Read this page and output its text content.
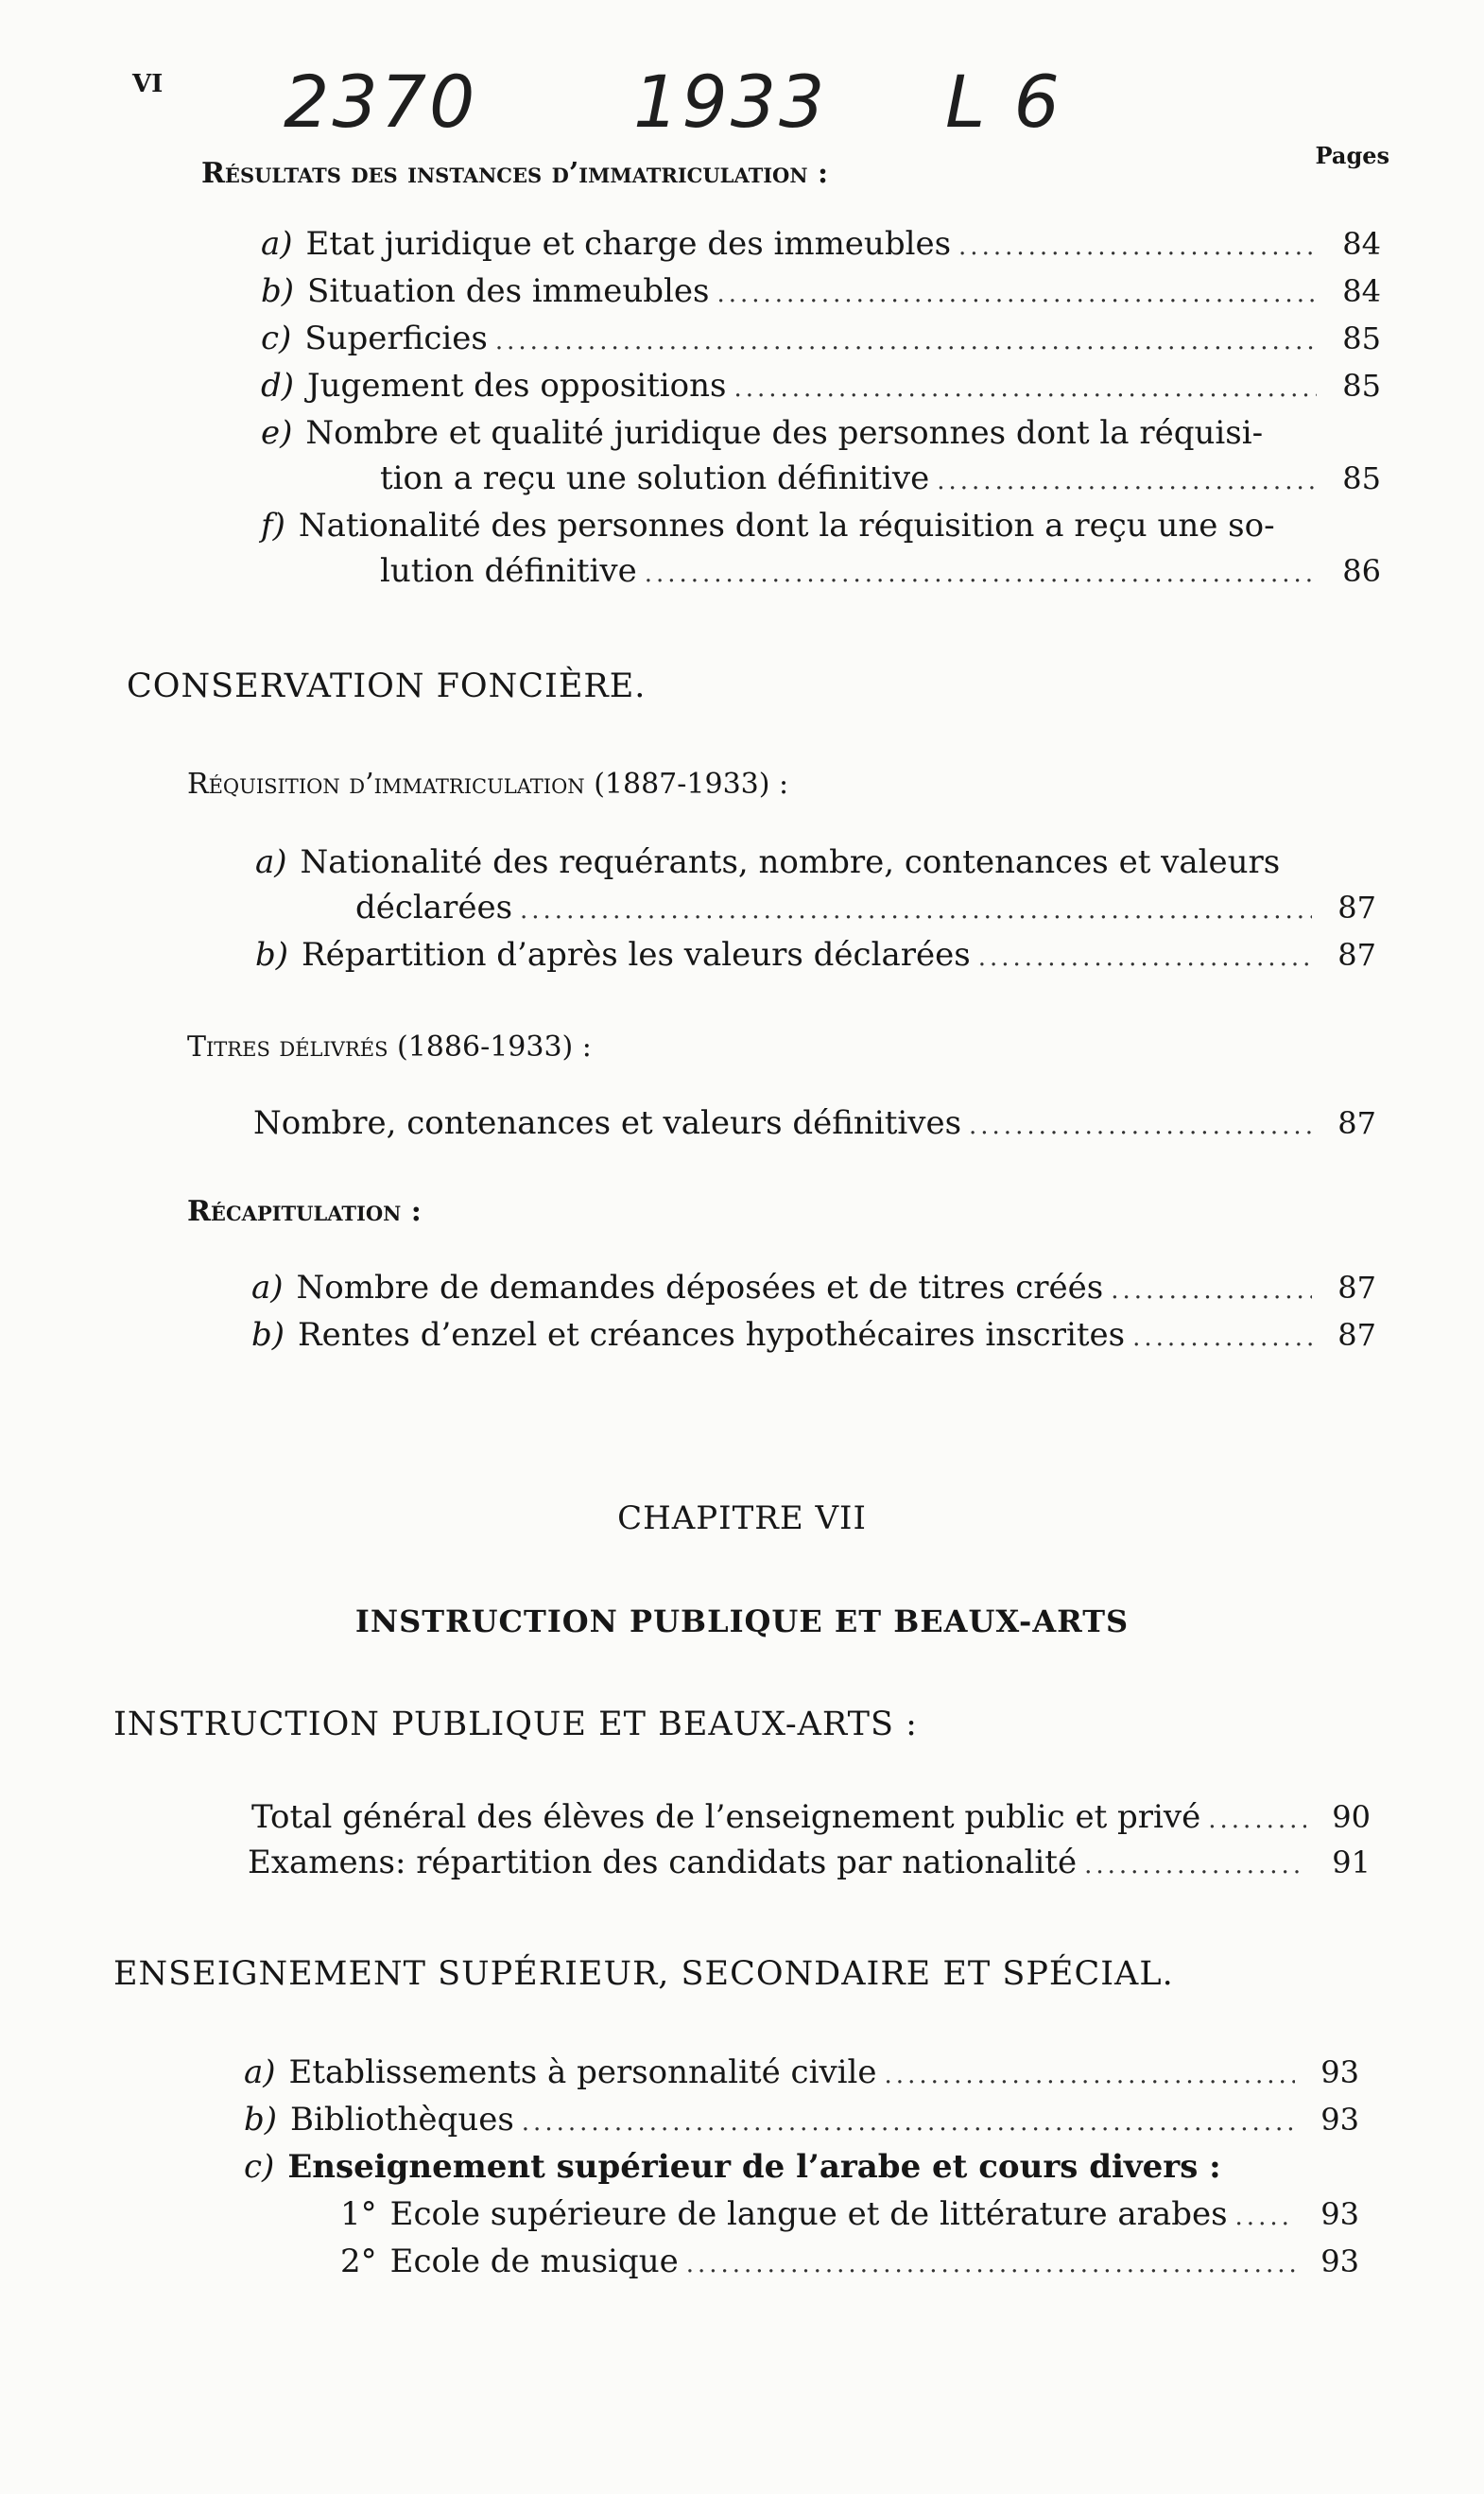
VI 2370 1933 L 6
Pages
Résultats des instances d’immatriculation :
a) Etat juridique et charge des immeubles .....	84
b) Situation des immeubles .....	84
c) Superficies .....	85
d) Jugement des oppositions .....	85
e) Nombre et qualité juridique des personnes dont la réquisi-
tion a reçu une solution définitive .....	85
f) Nationalité des personnes dont la réquisition a reçu une so-
lution définitive .....	86
CONSERVATION FONCIÈRE.
Réquisition d’immatriculation (1887-1933) :
a) Nationalité des requérants, nombre, contenances et valeurs
déclarées .....	87
b) Répartition d’après les valeurs déclarées .....	87
Titres délivrés (1886-1933) :
Nombre, contenances et valeurs définitives .....	87
Récapitulation :
a) Nombre de demandes déposées et de titres créés .....	87
b) Rentes d’enzel et créances hypothécaires inscrites .....	87
CHAPITRE VII
INSTRUCTION PUBLIQUE ET BEAUX-ARTS
INSTRUCTION PUBLIQUE ET BEAUX-ARTS :
Total général des élèves de l’enseignement public et privé .....	90
Examens: répartition des candidats par nationalité .....	91
ENSEIGNEMENT SUPÉRIEUR, SECONDAIRE ET SPÉCIAL.
a) Etablissements à personnalité civile .....	93
b) Bibliothèques .....	93
c) Enseignement supérieur de l’arabe et cours divers :
1° Ecole supérieure de langue et de littérature arabes .....	93
2° Ecole de musique .....	93
